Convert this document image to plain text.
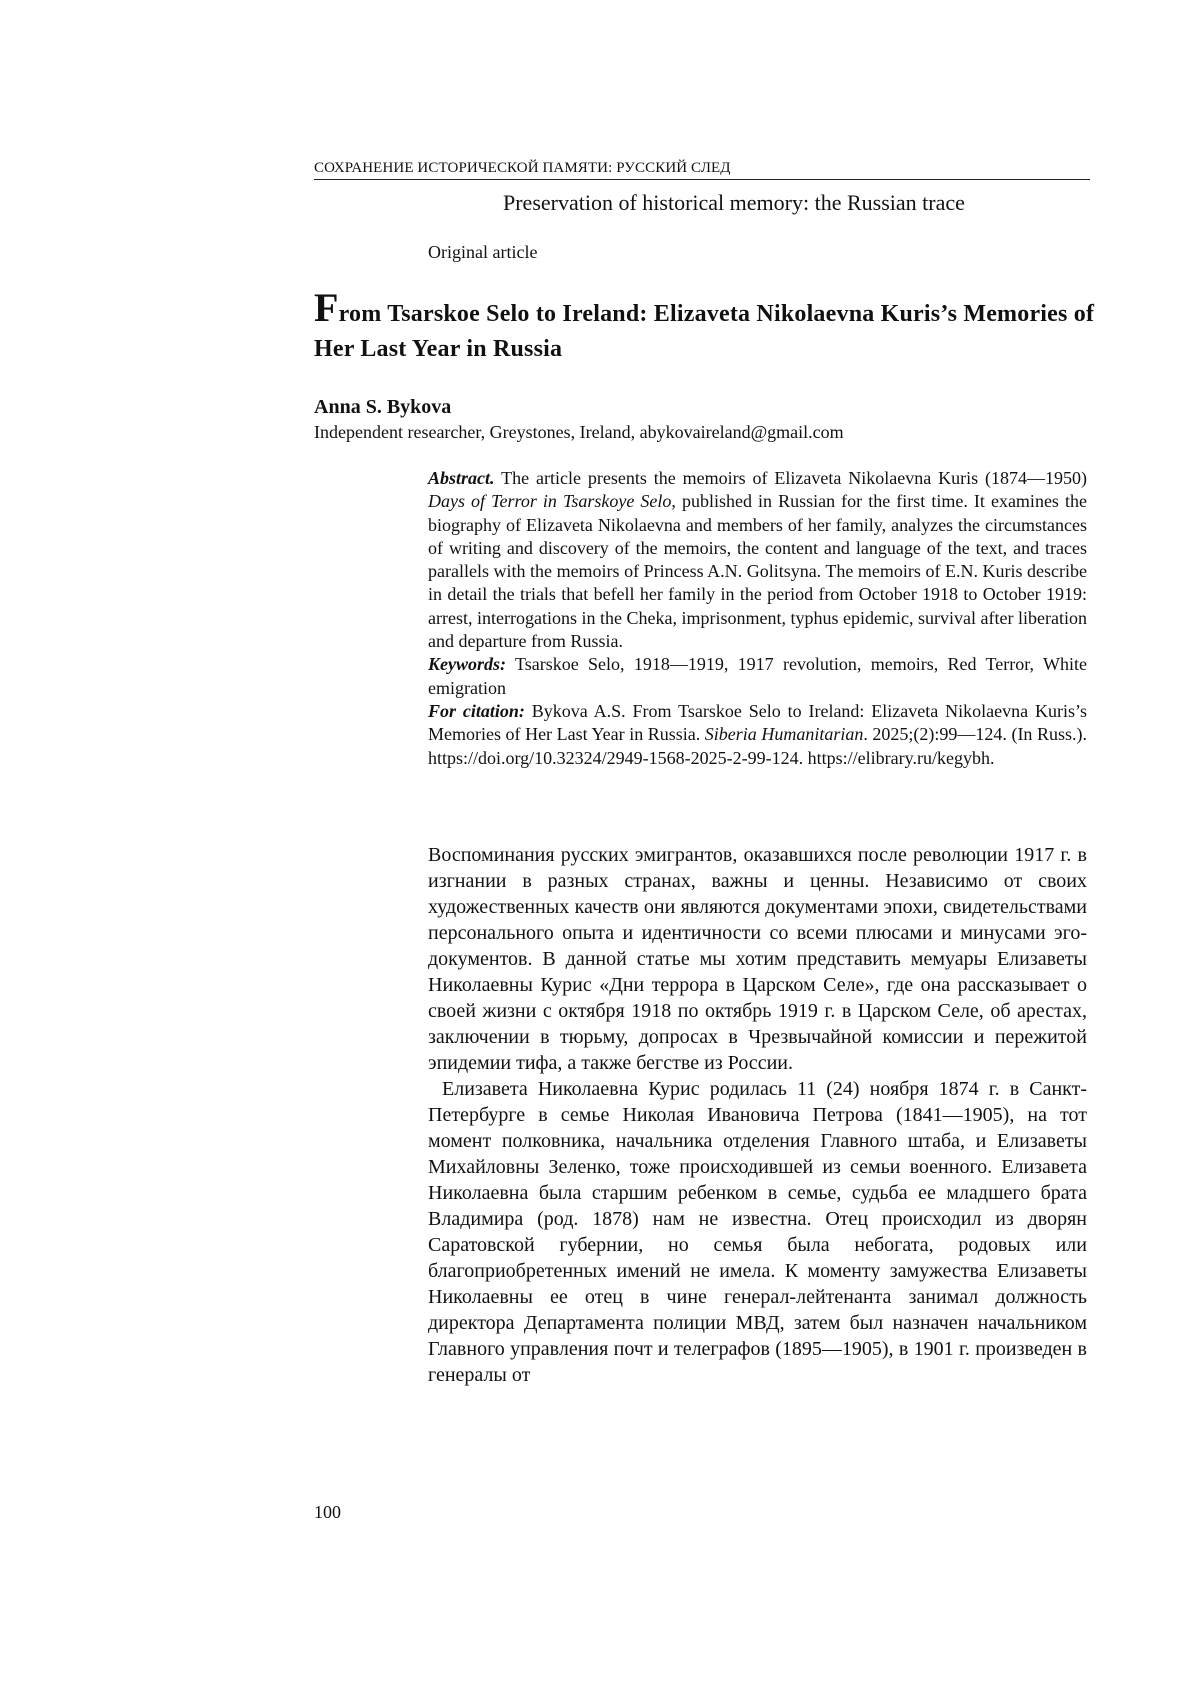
СОХРАНЕНИЕ ИСТОРИЧЕСКОЙ ПАМЯТИ: РУССКИЙ СЛЕД
Preservation of historical memory: the Russian trace
Original article
From Tsarskoe Selo to Ireland: Elizaveta Nikolaevna Kuris’s Memories of Her Last Year in Russia
Anna S. Bykova
Independent researcher, Greystones, Ireland, abykovaireland@gmail.com

Abstract. The article presents the memoirs of Elizaveta Nikolaevna Kuris (1874—1950) Days of Terror in Tsarskoye Selo, published in Russian for the first time. It examines the biography of Elizaveta Nikolaevna and members of her family, analyzes the circumstances of writing and discovery of the memoirs, the content and language of the text, and traces parallels with the memoirs of Princess A.N. Golitsyna. The memoirs of E.N. Kuris describe in detail the trials that befell her family in the period from October 1918 to October 1919: arrest, interrogations in the Cheka, imprisonment, typhus epidemic, survival after liberation and departure from Russia.

Keywords: Tsarskoe Selo, 1918—1919, 1917 revolution, memoirs, Red Terror, White emigration

For citation: Bykova A.S. From Tsarskoe Selo to Ireland: Elizaveta Nikolaevna Kuris’s Memories of Her Last Year in Russia. Siberia Humanitarian. 2025;(2):99—124. (In Russ.). https://doi.org/10.32324/2949-1568-2025-2-99-124. https://elibrary.ru/kegybh.

Воспоминания русских эмигрантов, оказавшихся после революции 1917 г. в изгнании в разных странах, важны и ценны. Независимо от своих художественных качеств они являются документами эпохи, свидетельствами персонального опыта и идентичности со всеми плюсами и минусами эго-документов. В данной статье мы хотим представить мемуары Елизаветы Николаевны Курис «Дни террора в Царском Селе», где она рассказывает о своей жизни с октября 1918 по октябрь 1919 г. в Царском Селе, об арестах, заключении в тюрьму, допросах в Чрезвычайной комиссии и пережитой эпидемии тифа, а также бегстве из России.

Елизавета Николаевна Курис родилась 11 (24) ноября 1874 г. в Санкт-Петербурге в семье Николая Ивановича Петрова (1841—1905), на тот момент полковника, начальника отделения Главного штаба, и Елизаветы Михайловны Зеленко, тоже происходившей из семьи военного. Елизавета Николаевна была старшим ребенком в семье, судьба ее младшего брата Владимира (род. 1878) нам не известна. Отец происходил из дворян Саратовской губернии, но семья была небогата, родовых или благоприобретенных имений не имела. К моменту замужества Елизаветы Николаевны ее отец в чине генерал-лейтенанта занимал должность директора Департамента полиции МВД, затем был назначен начальником Главного управления почт и телеграфов (1895—1905), в 1901 г. произведен в генералы от

100
